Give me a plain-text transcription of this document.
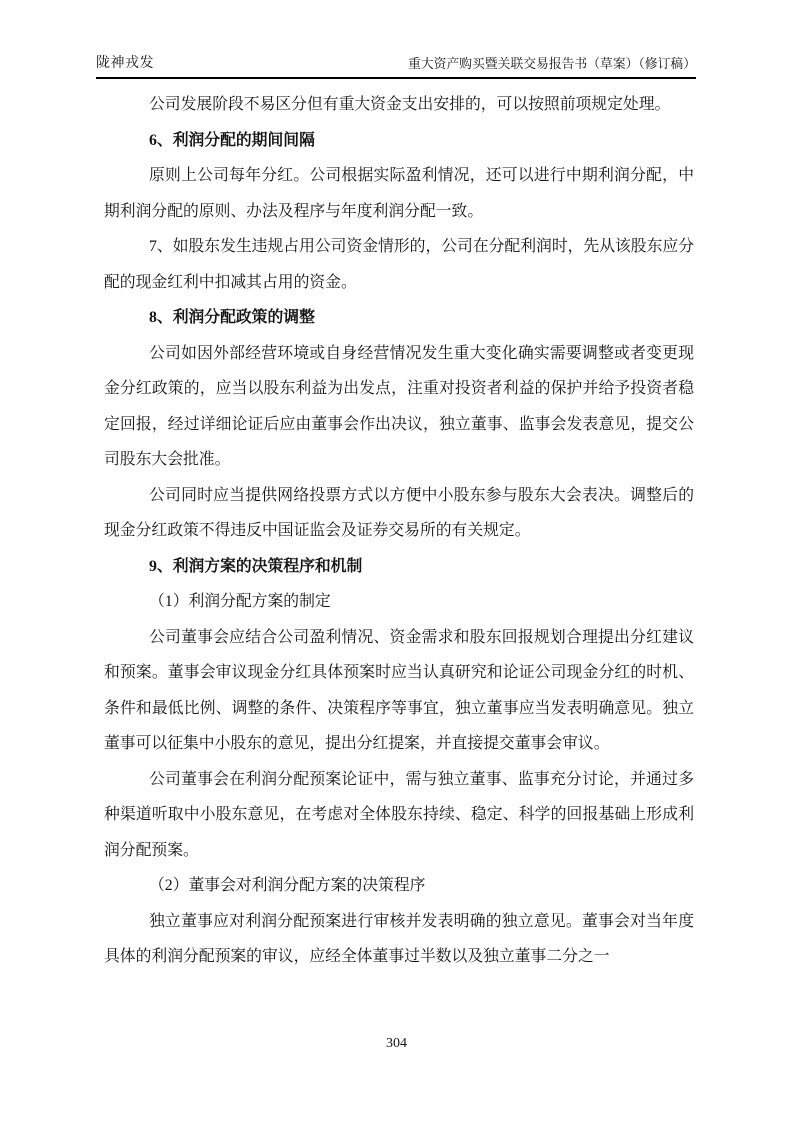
陇神戎发	重大资产购买暨关联交易报告书（草案）（修订稿）

公司发展阶段不易区分但有重大资金支出安排的，可以按照前项规定处理。

6、利润分配的期间间隔

原则上公司每年分红。公司根据实际盈利情况，还可以进行中期利润分配，中期利润分配的原则、办法及程序与年度利润分配一致。

7、如股东发生违规占用公司资金情形的，公司在分配利润时，先从该股东应分配的现金红利中扣减其占用的资金。

8、利润分配政策的调整

公司如因外部经营环境或自身经营情况发生重大变化确实需要调整或者变更现金分红政策的，应当以股东利益为出发点，注重对投资者利益的保护并给予投资者稳定回报，经过详细论证后应由董事会作出决议，独立董事、监事会发表意见，提交公司股东大会批准。

公司同时应当提供网络投票方式以方便中小股东参与股东大会表决。调整后的现金分红政策不得违反中国证监会及证券交易所的有关规定。

9、利润方案的决策程序和机制

（1）利润分配方案的制定

公司董事会应结合公司盈利情况、资金需求和股东回报规划合理提出分红建议和预案。董事会审议现金分红具体预案时应当认真研究和论证公司现金分红的时机、条件和最低比例、调整的条件、决策程序等事宜，独立董事应当发表明确意见。独立董事可以征集中小股东的意见，提出分红提案，并直接提交董事会审议。

公司董事会在利润分配预案论证中，需与独立董事、监事充分讨论，并通过多种渠道听取中小股东意见，在考虑对全体股东持续、稳定、科学的回报基础上形成利润分配预案。

（2）董事会对利润分配方案的决策程序

独立董事应对利润分配预案进行审核并发表明确的独立意见。董事会对当年度具体的利润分配预案的审议，应经全体董事过半数以及独立董事二分之一

304
